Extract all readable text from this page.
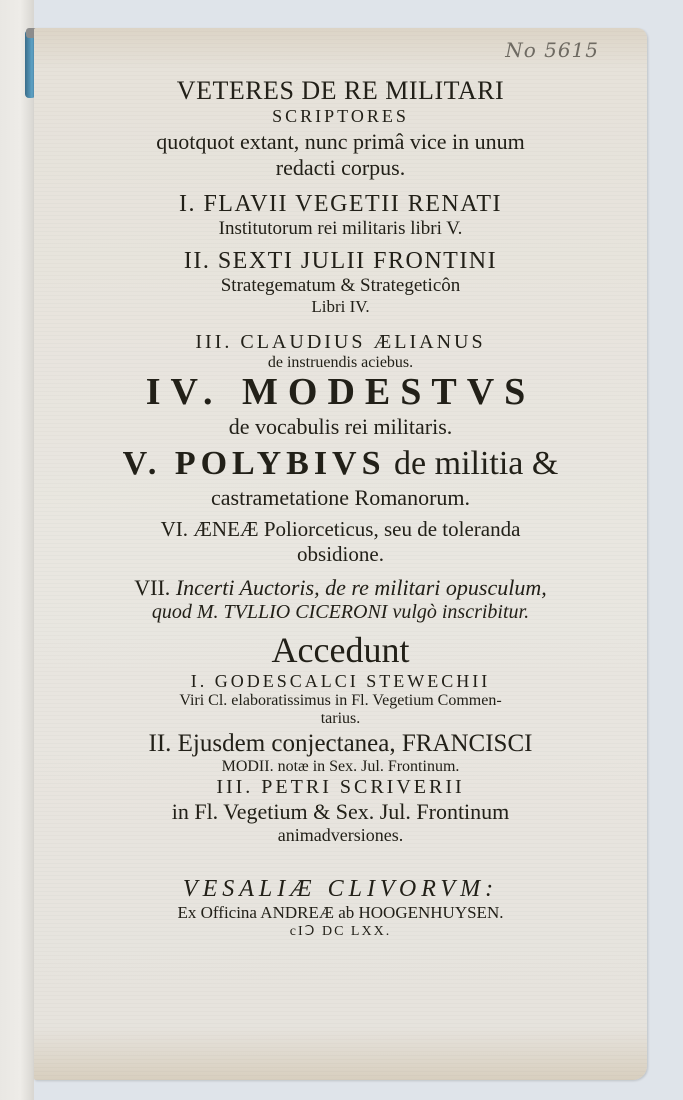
No 5615
VETERES DE RE MILITARI
SCRIPTORES
quotquot extant, nunc primâ vice in unum
redacti corpus.
I. FLAVII VEGETII RENATI
Institutorum rei militaris libri V.
II. SEXTI JULII FRONTINI
Strategematum & Strategeticôn
Libri IV.
III. CLAUDIUS ÆLIANUS
de instruendis aciebus.
IV. MODESTVS
de vocabulis rei militaris.
V. POLYBIVS de militia &
castrametatione Romanorum.
VI. ÆNEÆ Poliorceticus, seu de toleranda
obsidione.
VII. Incerti Auctoris, de re militari opusculum,
quod M. TVLLIO CICERONI vulgò inscribitur.
Accedunt
I. GODESCALCI STEWECHII
Viri Cl. elaboratissimus in Fl. Vegetium Commen-
tarius.
II. Ejusdem conjectanea, FRANCISCI
MODII. notæ in Sex. Jul. Frontinum.
III. PETRI SCRIVERII
in Fl. Vegetium & Sex. Jul. Frontinum
animadversiones.
VESALIÆ CLIVORVM:
Ex Officina ANDREÆ ab HOOGENHUYSEN.
cIↃ DC LXX.
